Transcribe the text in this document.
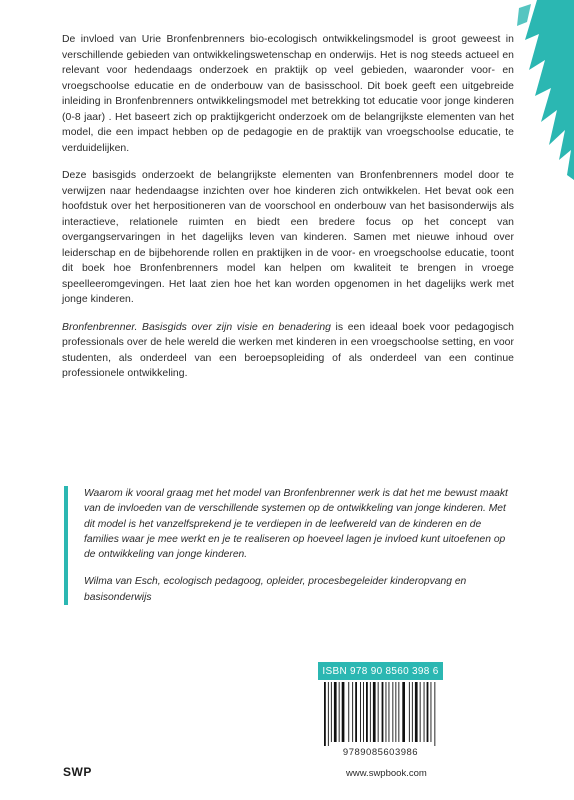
De invloed van Urie Bronfenbrenners bio-ecologisch ontwikkelingsmodel is groot geweest in verschillende gebieden van ontwikkelingswetenschap en onderwijs. Het is nog steeds actueel en relevant voor hedendaags onderzoek en praktijk op veel gebieden, waaronder voor- en vroegschoolse educatie en de onderbouw van de basisschool. Dit boek geeft een uitgebreide inleiding in Bronfenbrenners ontwikkelingsmodel met betrekking tot educatie voor jonge kinderen (0-8 jaar) . Het baseert zich op praktijkgericht onderzoek om de belangrijkste elementen van het model, die een impact hebben op de pedagogie en de praktijk van vroegschoolse educatie, te verduidelijken.

Deze basisgids onderzoekt de belangrijkste elementen van Bronfenbrenners model door te verwijzen naar hedendaagse inzichten over hoe kinderen zich ontwikkelen. Het bevat ook een hoofdstuk over het herpositioneren van de voorschool en onderbouw van het basisonderwijs als interactieve, relationele ruimten en biedt een bredere focus op het concept van overgangservaringen in het dagelijks leven van kinderen. Samen met nieuwe inhoud over leiderschap en de bijbehorende rollen en praktijken in de voor- en vroegschoolse educatie, toont dit boek hoe Bronfenbrenners model kan helpen om kwaliteit te brengen in vroege speelleeromgevingen. Het laat zien hoe het kan worden opgenomen in het dagelijks werk met jonge kinderen.

Bronfenbrenner. Basisgids over zijn visie en benadering is een ideaal boek voor pedagogisch professionals over de hele wereld die werken met kinderen in een vroegschoolse setting, en voor studenten, als onderdeel van een beroepsopleiding of als onderdeel van een continue professionele ontwikkeling.

Waarom ik vooral graag met het model van Bronfenbrenner werk is dat het me bewust maakt van de invloeden van de verschillende systemen op de ontwikkeling van jonge kinderen. Met dit model is het vanzelfsprekend je te verdiepen in de leefwereld van de kinderen en de families waar je mee werkt en je te realiseren op hoeveel lagen je invloed kunt uitoefenen op de ontwikkeling van jonge kinderen.

Wilma van Esch, ecologisch pedagoog, opleider, procesbegeleider kinderopvang en basisonderwijs

ISBN 978 90 8560 398 6
9789085603986
SWP	www.swpbook.com
